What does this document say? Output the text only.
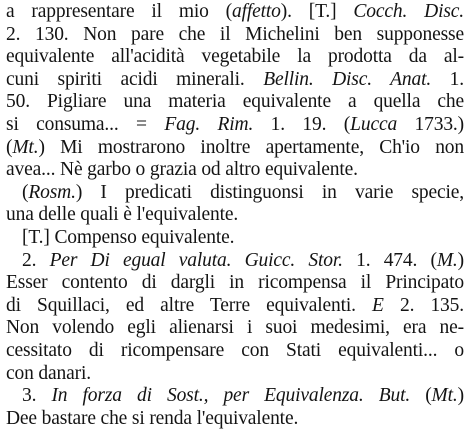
a rappresentare il mio (affetto). [T.] Cocch. Disc.
2. 130. Non pare che il Michelini ben supponesse
equivalente all'acidità vegetabile la prodotta da al-
cuni spiriti acidi minerali. Bellin. Disc. Anat. 1.
50. Pigliare una materia equivalente a quella che
si consuma... = Fag. Rim. 1. 19. (Lucca 1733.)
(Mt.) Mi mostrarono inoltre apertamente, Ch'io non
avea... Nè garbo o grazia od altro equivalente.
(Rosm.) I predicati distinguonsi in varie specie,
una delle quali è l'equivalente.
[T.] Compenso equivalente.
2. Per Di egual valuta. Guicc. Stor. 1. 474. (M.)
Esser contento di dargli in ricompensa il Principato
di Squillaci, ed altre Terre equivalenti. E 2. 135.
Non volendo egli alienarsi i suoi medesimi, era ne-
cessitato di ricompensare con Stati equivalenti... o
con danari.
3. In forza di Sost., per Equivalenza. But. (Mt.)
Dee bastare che si renda l'equivalente.
